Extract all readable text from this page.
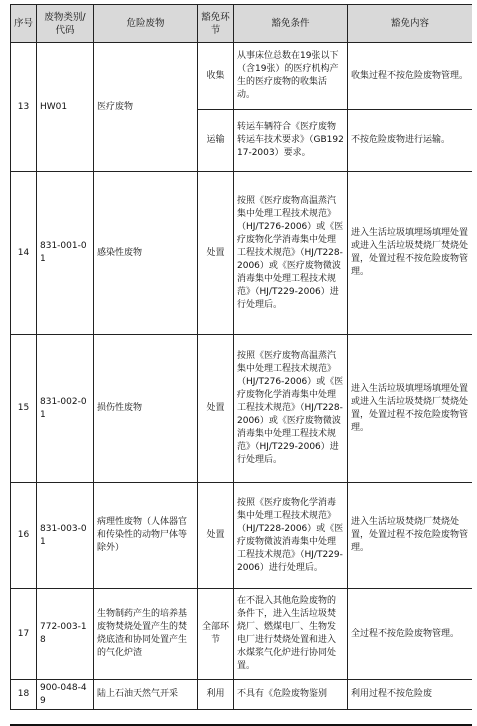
序号	废物类别/代码	危险废物	豁免环节	豁免条件	豁免内容
13	HW01	医疗废物	收集	从事床位总数在19张以下（含19张）的医疗机构产生的医疗废物的收集活动。	收集过程不按危险废物管理。
			运输	转运车辆符合《医疗废物转运车技术要求》（GB19217-2003）要求。	不按危险废物进行运输。
14	831-001-01	感染性废物	处置	按照《医疗废物高温蒸汽集中处理工程技术规范》（HJ/T276-2006）或《医疗废物化学消毒集中处理工程技术规范》（HJ/T228-2006）或《医疗废物微波消毒集中处理工程技术规范》（HJ/T229-2006）进行处理后。	进入生活垃圾填埋场填埋处置或进入生活垃圾焚烧厂焚烧处置，处置过程不按危险废物管理。
15	831-002-01	损伤性废物	处置	按照《医疗废物高温蒸汽集中处理工程技术规范》（HJ/T276-2006）或《医疗废物化学消毒集中处理工程技术规范》（HJ/T228-2006）或《医疗废物微波消毒集中处理工程技术规范》（HJ/T229-2006）进行处理后。	进入生活垃圾填埋场填埋处置或进入生活垃圾焚烧厂焚烧处置，处置过程不按危险废物管理。
16	831-003-01	病理性废物（人体器官和传染性的动物尸体等除外）	处置	按照《医疗废物化学消毒集中处理工程技术规范》（HJ/T228-2006）或《医疗废物微波消毒集中处理工程技术规范》（HJ/T229-2006）进行处理后。	进入生活垃圾焚烧厂焚烧处置，处置过程不按危险废物管理。
17	772-003-18	生物制药产生的培养基废物焚烧处置产生的焚烧底渣和协同处置产生的气化炉渣	全部环节	在不混入其他危险废物的条件下，进入生活垃圾焚烧厂、燃煤电厂、生物发电厂进行焚烧处置和进入水煤浆气化炉进行协同处置。	全过程不按危险废物管理。
18	900-048-49	陆上石油天然气开采	利用	不具有《危险废物鉴别	利用过程不按危险废
